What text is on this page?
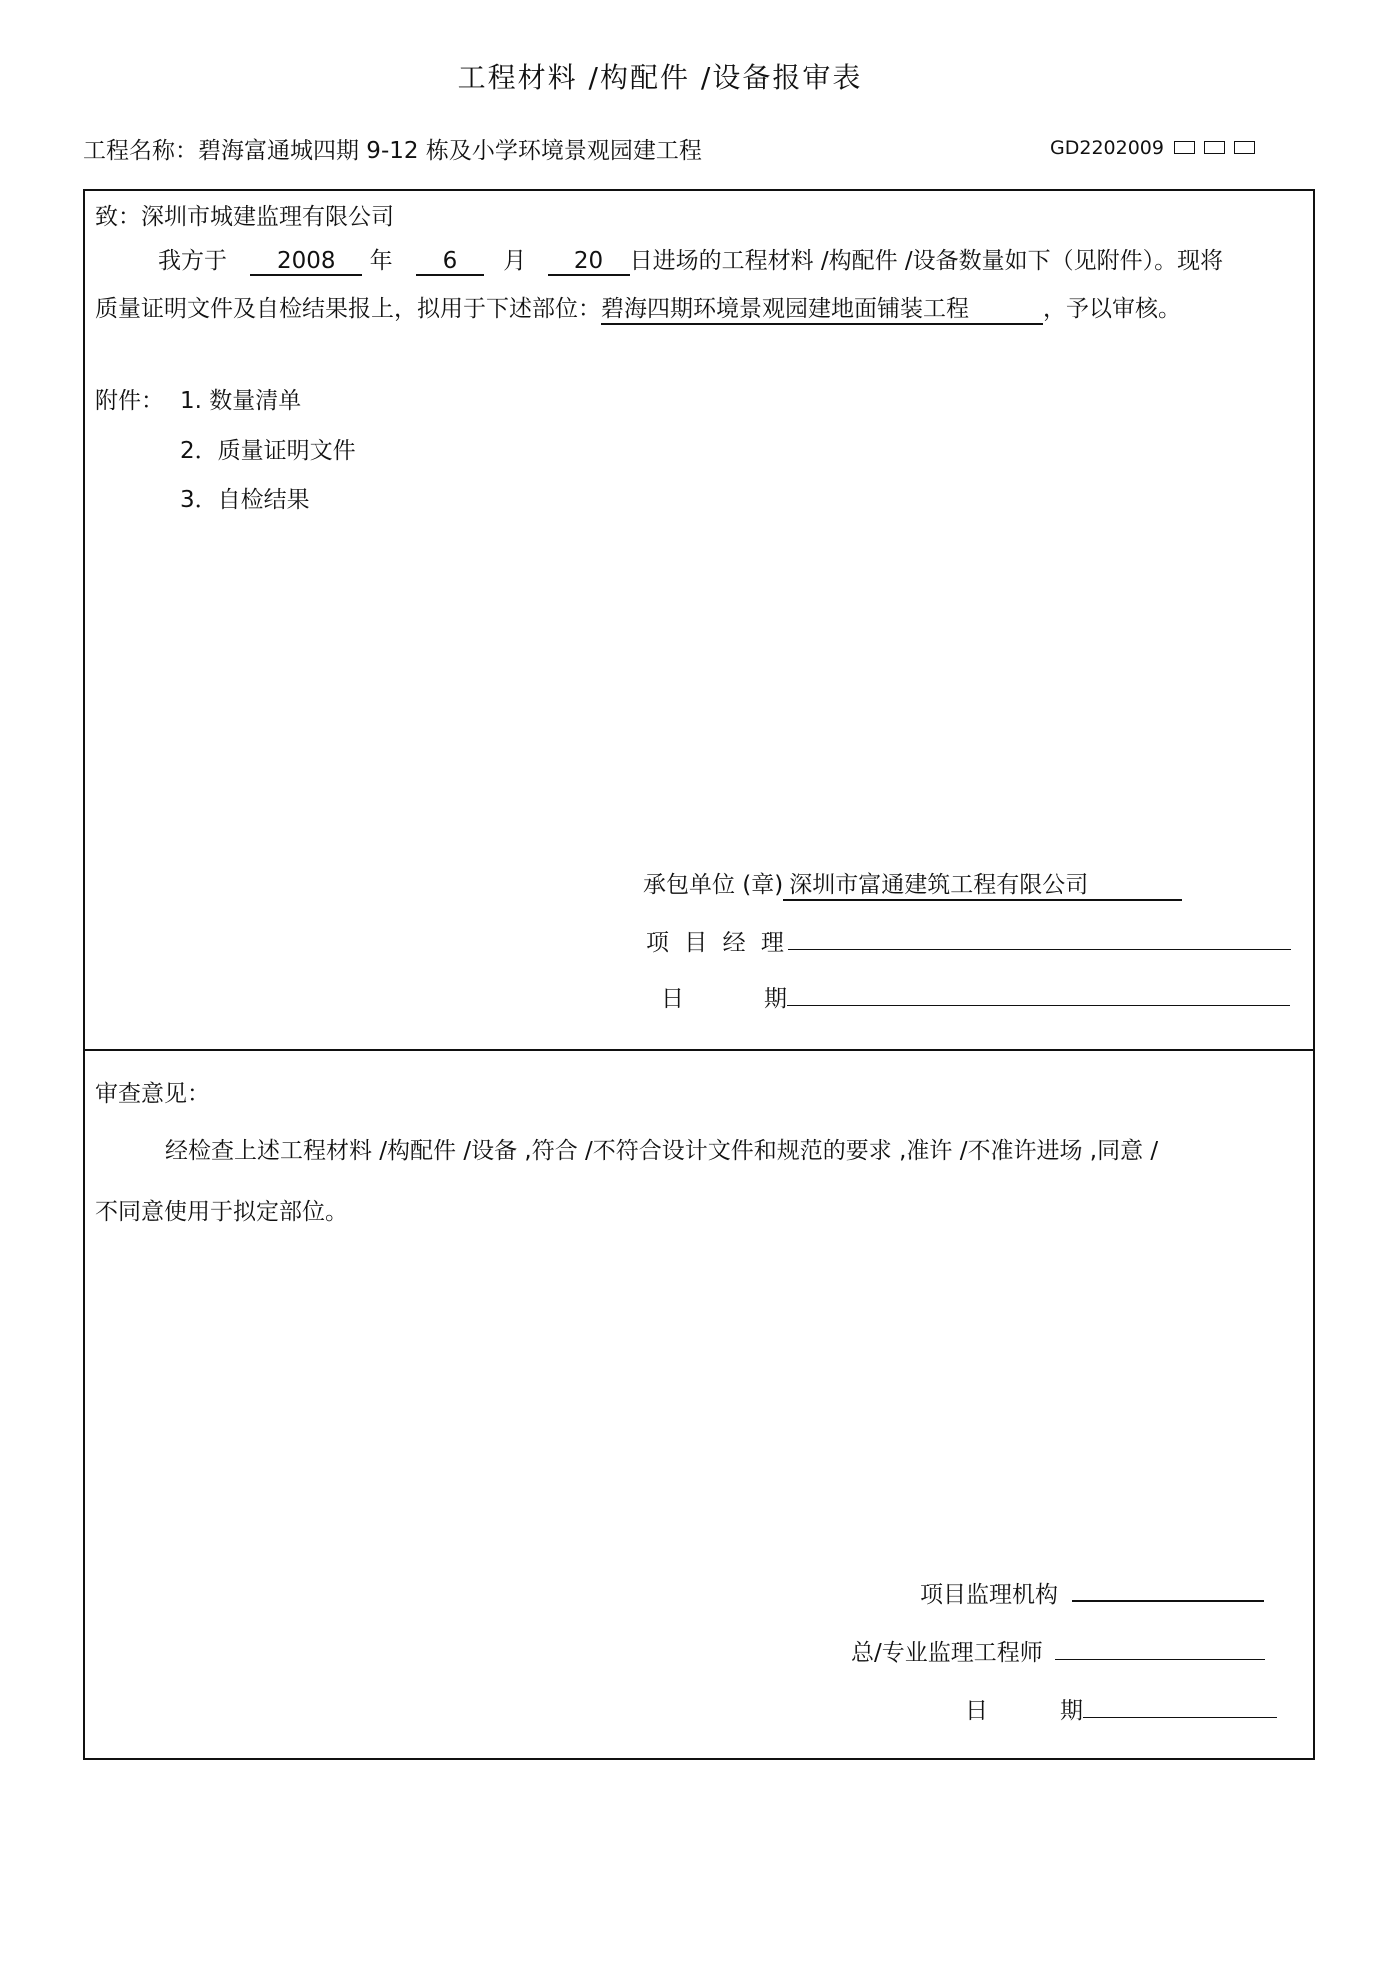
工程材料 /构配件 /设备报审表
工程名称：碧海富通城四期 9-12 栋及小学环境景观园建工程	GD2202009
致：深圳市城建监理有限公司
我方于 2008 年 6 月 20 日进场的工程材料 /构配件 /设备数量如下（见附件）。现将
质量证明文件及自检结果报上，拟用于下述部位：碧海四期环境景观园建地面铺装工程	，予以审核。
附件： 1. 数量清单
2．质量证明文件
3．自检结果
承包单位 (章) 深圳市富通建筑工程有限公司
项 目 经 理
日	期
审查意见：
经检查上述工程材料 /构配件 /设备 ,符合 /不符合设计文件和规范的要求 ,准许 /不准许进场 ,同意 /
不同意使用于拟定部位。
项目监理机构
总/专业监理工程师
日	期
